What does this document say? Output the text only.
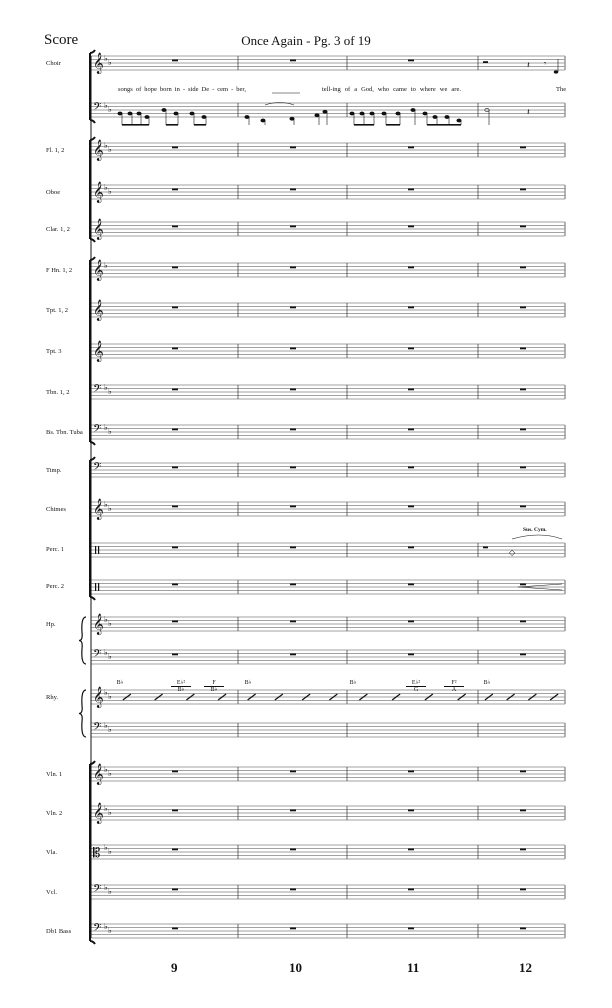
Score	Once Again - Pg. 3 of 19
𝄞 ♭ ♭
𝄢 ♭ ♭
𝄞 ♭ ♭
𝄞 ♭ ♭
𝄞
𝄞 ♭
𝄞
𝄞
𝄢 ♭ ♭
𝄢 ♭ ♭
𝄢
𝄞 ♭ ♭
𝄞 ♭ ♭
𝄢 ♭ ♭
𝄞 ♭ ♭
𝄢 ♭ ♭
𝄞 ♭ ♭
𝄞 ♭ ♭
𝄡 ♭ ♭
𝄢 ♭ ♭
𝄢 ♭ ♭
𝄽 𝄾
𝄽
◇
Choir
Fl. 1, 2
Oboe
Clar. 1, 2
F Hn. 1, 2
Tpt. 1, 2
Tpt. 3
Tbn. 1, 2
Bs. Tbn. Tuba
Timp.
Chimes
Perc. 1
Perc. 2
Hp.
Rhy.
Vln. 1
Vln. 2
Vla.
Vcl.
Db1 Bass
songs of hope born in - side De - cem - ber,	tell-ing of a God, who came to where we are.	The
B♭	E♭²
B♭
F
B♭
B♭	B♭	E♭²
G
F²
A
B♭
Sus. Cym.
9	10	11	12
